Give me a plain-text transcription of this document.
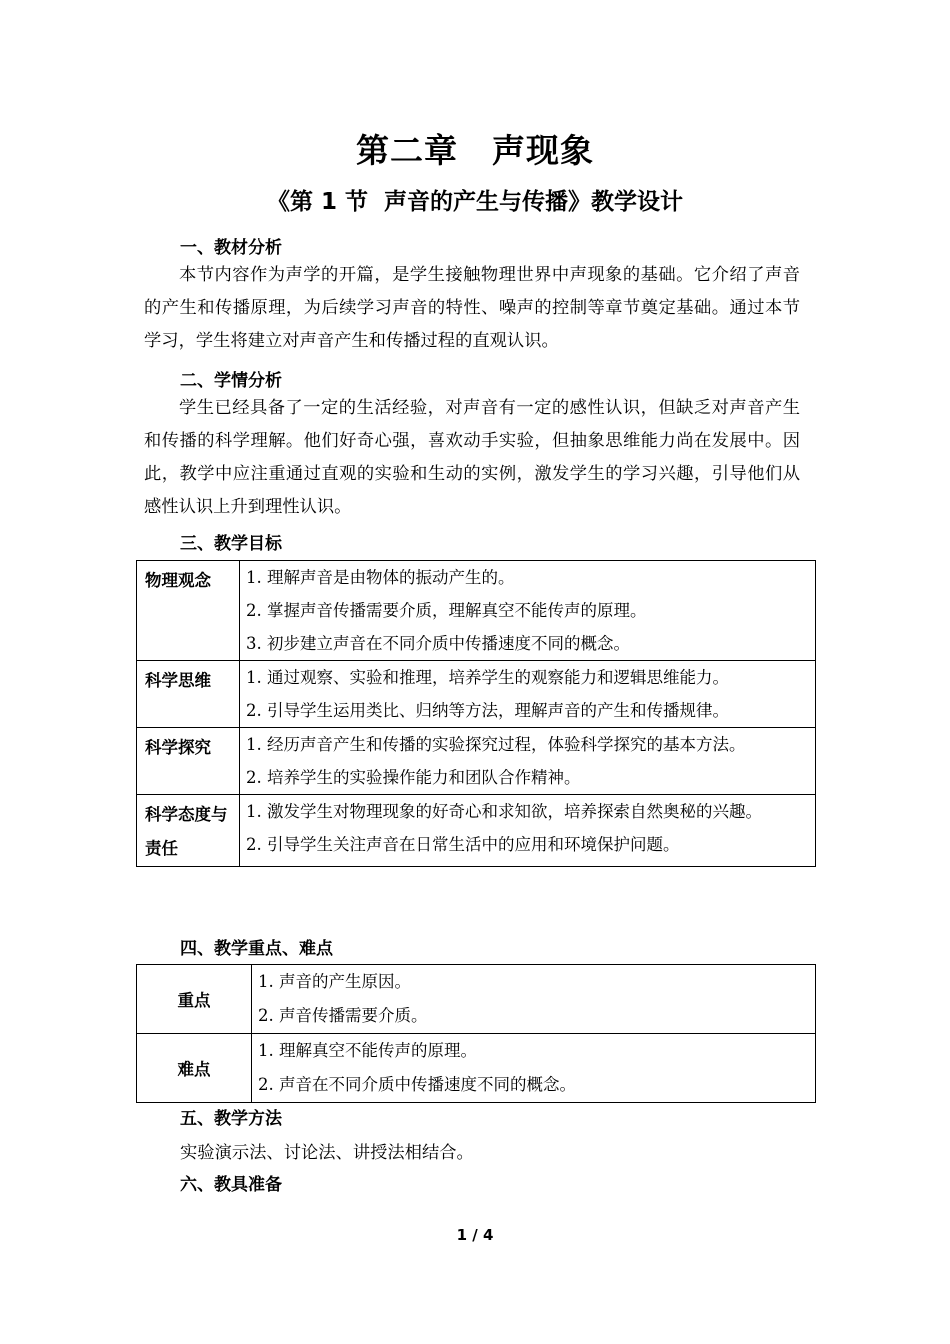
第二章　声现象
《第 1 节  声音的产生与传播》教学设计
一、教材分析
本节内容作为声学的开篇，是学生接触物理世界中声现象的基础。它介绍了声音的产生和传播原理，为后续学习声音的特性、噪声的控制等章节奠定基础。通过本节学习，学生将建立对声音产生和传播过程的直观认识。
二、学情分析
学生已经具备了一定的生活经验，对声音有一定的感性认识，但缺乏对声音产生和传播的科学理解。他们好奇心强，喜欢动手实验，但抽象思维能力尚在发展中。因此，教学中应注重通过直观的实验和生动的实例，激发学生的学习兴趣，引导他们从感性认识上升到理性认识。
三、教学目标
物理观念	1. 理解声音是由物体的振动产生的。
2. 掌握声音传播需要介质，理解真空不能传声的原理。
3. 初步建立声音在不同介质中传播速度不同的概念。

科学思维	1. 通过观察、实验和推理，培养学生的观察能力和逻辑思维能力。
2. 引导学生运用类比、归纳等方法，理解声音的产生和传播规律。

科学探究	1. 经历声音产生和传播的实验探究过程，体验科学探究的基本方法。
2. 培养学生的实验操作能力和团队合作精神。

科学态度与责任	1. 激发学生对物理现象的好奇心和求知欲，培养探索自然奥秘的兴趣。
2. 引导学生关注声音在日常生活中的应用和环境保护问题。
四、教学重点、难点
重点	1. 声音的产生原因。
2. 声音传播需要介质。

难点	1. 理解真空不能传声的原理。
2. 声音在不同介质中传播速度不同的概念。
五、教学方法
实验演示法、讨论法、讲授法相结合。
六、教具准备
1 / 4
